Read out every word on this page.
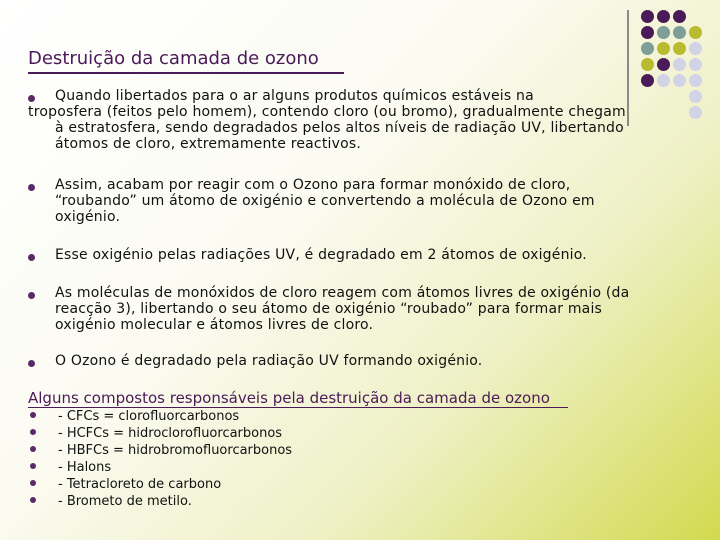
Destruição da camada de ozono
Quando libertados para o ar alguns produtos químicos estáveis na
troposfera (feitos pelo homem), contendo cloro (ou bromo), gradualmente chegam
à estratosfera, sendo degradados pelos altos níveis de radiação UV, libertando
átomos de cloro, extremamente reactivos.
Assim, acabam por reagir com o Ozono para formar monóxido de cloro,
“roubando” um átomo de oxigénio e convertendo a molécula de Ozono em
oxigénio.
Esse oxigénio pelas radiações UV, é degradado em 2 átomos de oxigénio.
As moléculas de monóxidos de cloro reagem com átomos livres de oxigénio (da
reacção 3), libertando o seu átomo de oxigénio “roubado” para formar mais
oxigénio molecular e átomos livres de cloro.
O Ozono é degradado pela radiação UV formando oxigénio.
Alguns compostos responsáveis pela destruição da camada de ozono
- CFCs = clorofluorcarbonos
- HCFCs = hidroclorofluorcarbonos
- HBFCs = hidrobromofluorcarbonos
- Halons
- Tetracloreto de carbono
- Brometo de metilo.
